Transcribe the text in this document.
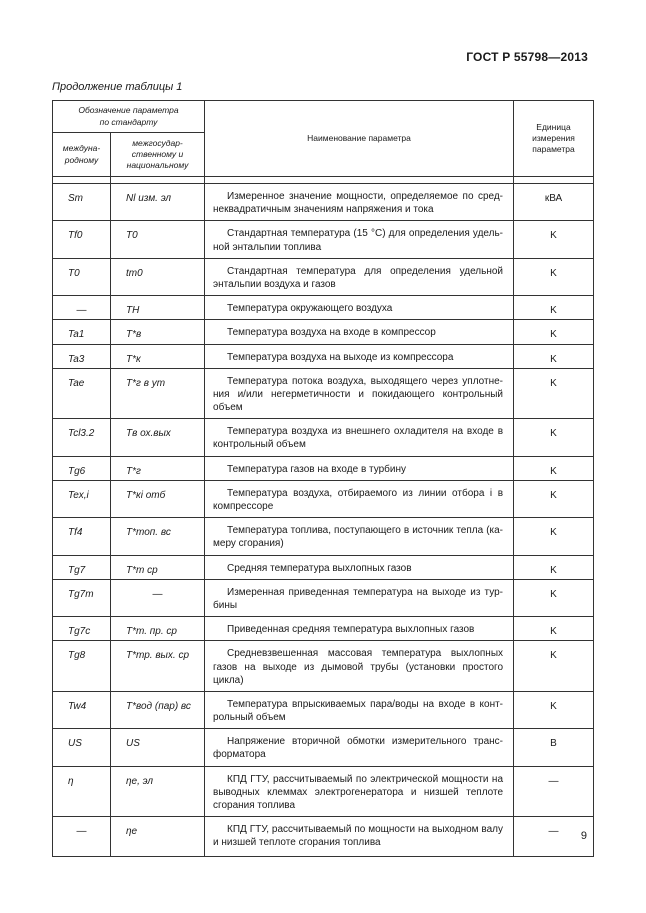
ГОСТ Р 55798—2013
Продолжение таблицы 1
Обозначение параметра
по стандарту		Наименование параметра	Единица
измерения
параметра
междуна-
родному	межгосудар-
ственному и
национальному		

Sm	Nl изм. эл	Измеренное значение мощности, определяемое по сред-неквадратичным значениям напряжения и тока	кВА
Tf0	T0	Стандартная температура (15 °C) для определения удель-ной энтальпии топлива	K
T0	tm0	Стандартная температура для определения удельной энтальпии воздуха и газов	K
—	TH	Температура окружающего воздуха	K
Ta1	T*в	Температура воздуха на входе в компрессор	K
Ta3	T*к	Температура воздуха на выходе из компрессора	K
Tae	T*г в ут	Температура потока воздуха, выходящего через уплотне-ния и/или негерметичности и покидающего контрольный объем	K
Tcl3.2	Tв ох.вых	Температура воздуха из внешнего охладителя на входе в контрольный объем	K
Tg6	T*г	Температура газов на входе в турбину	K
Tex,i	T*кi отб	Температура воздуха, отбираемого из линии отбора i в компрессоре	K
Tf4	T*топ. вс	Температура топлива, поступающего в источник тепла (ка-меру сгорания)	K
Tg7	T*т ср	Средняя температура выхлопных газов	K
Tg7m	—	Измеренная приведенная температура на выходе из тур-бины	K
Tg7c	T*т. пр. ср	Приведенная средняя температура выхлопных газов	K
Tg8	T*тр. вых. ср	Средневзвешенная массовая температура выхлопных газов на выходе из дымовой трубы (установки простого цикла)	K
Tw4	T*вод (пар) вс	Температура впрыскиваемых пара/воды на входе в конт-рольный объем	K
US	US	Напряжение вторичной обмотки измерительного транс-форматора	B
η	ηe, эл	КПД ГТУ, рассчитываемый по электрической мощности на выводных клеммах электрогенератора и низшей теплоте сгорания топлива	—
—	ηe	КПД ГТУ, рассчитываемый по мощности на выходном валу и низшей теплоте сгорания топлива	— 9
